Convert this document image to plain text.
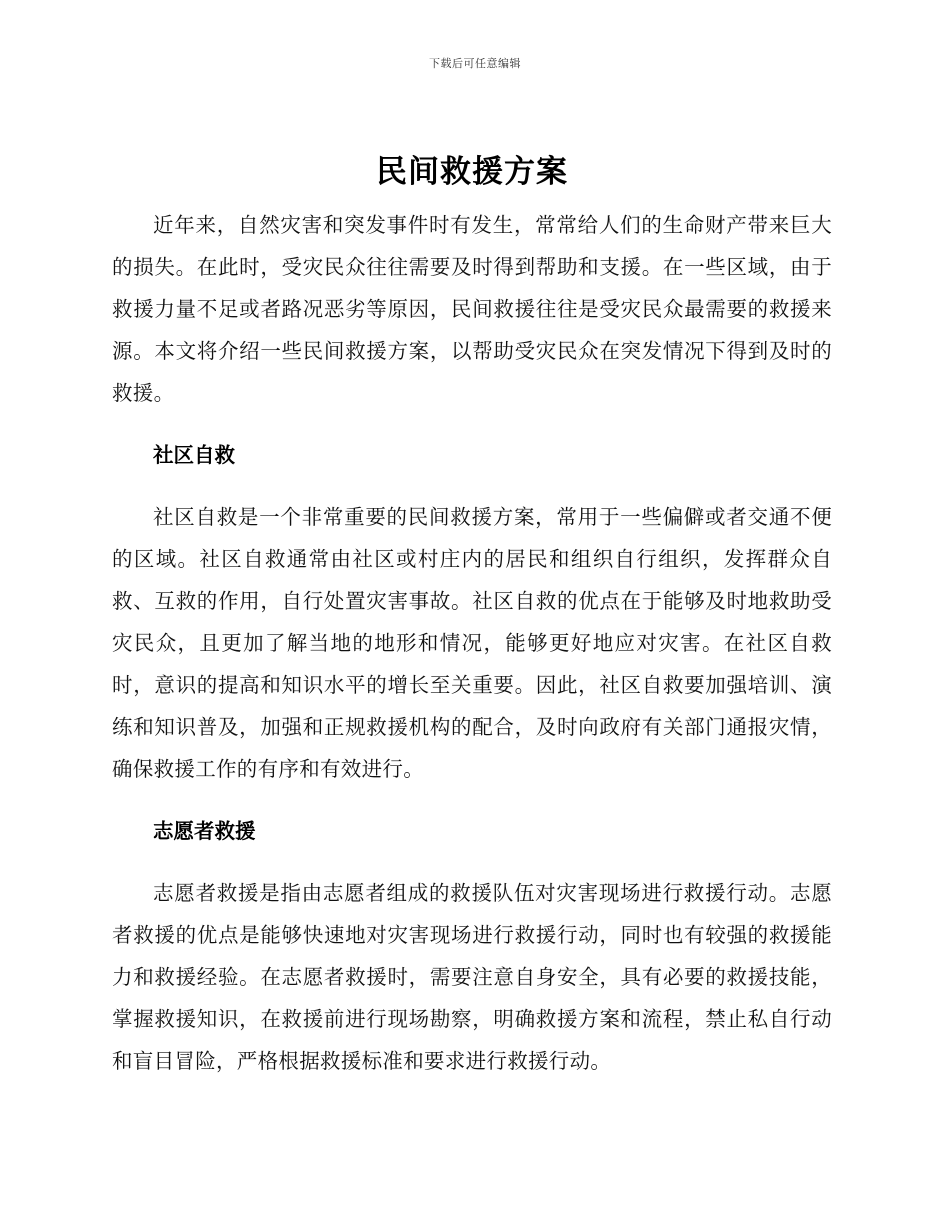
下载后可任意编辑
民间救援方案

近年来，自然灾害和突发事件时有发生，常常给人们的生命财产带来巨大的损失。在此时，受灾民众往往需要及时得到帮助和支援。在一些区域，由于救援力量不足或者路况恶劣等原因，民间救援往往是受灾民众最需要的救援来源。本文将介绍一些民间救援方案，以帮助受灾民众在突发情况下得到及时的救援。

社区自救

社区自救是一个非常重要的民间救援方案，常用于一些偏僻或者交通不便的区域。社区自救通常由社区或村庄内的居民和组织自行组织，发挥群众自救、互救的作用，自行处置灾害事故。社区自救的优点在于能够及时地救助受灾民众，且更加了解当地的地形和情况，能够更好地应对灾害。在社区自救时，意识的提高和知识水平的增长至关重要。因此，社区自救要加强培训、演练和知识普及，加强和正规救援机构的配合，及时向政府有关部门通报灾情，确保救援工作的有序和有效进行。

志愿者救援

志愿者救援是指由志愿者组成的救援队伍对灾害现场进行救援行动。志愿者救援的优点是能够快速地对灾害现场进行救援行动，同时也有较强的救援能力和救援经验。在志愿者救援时，需要注意自身安全，具有必要的救援技能，掌握救援知识，在救援前进行现场勘察，明确救援方案和流程，禁止私自行动和盲目冒险，严格根据救援标准和要求进行救援行动。
